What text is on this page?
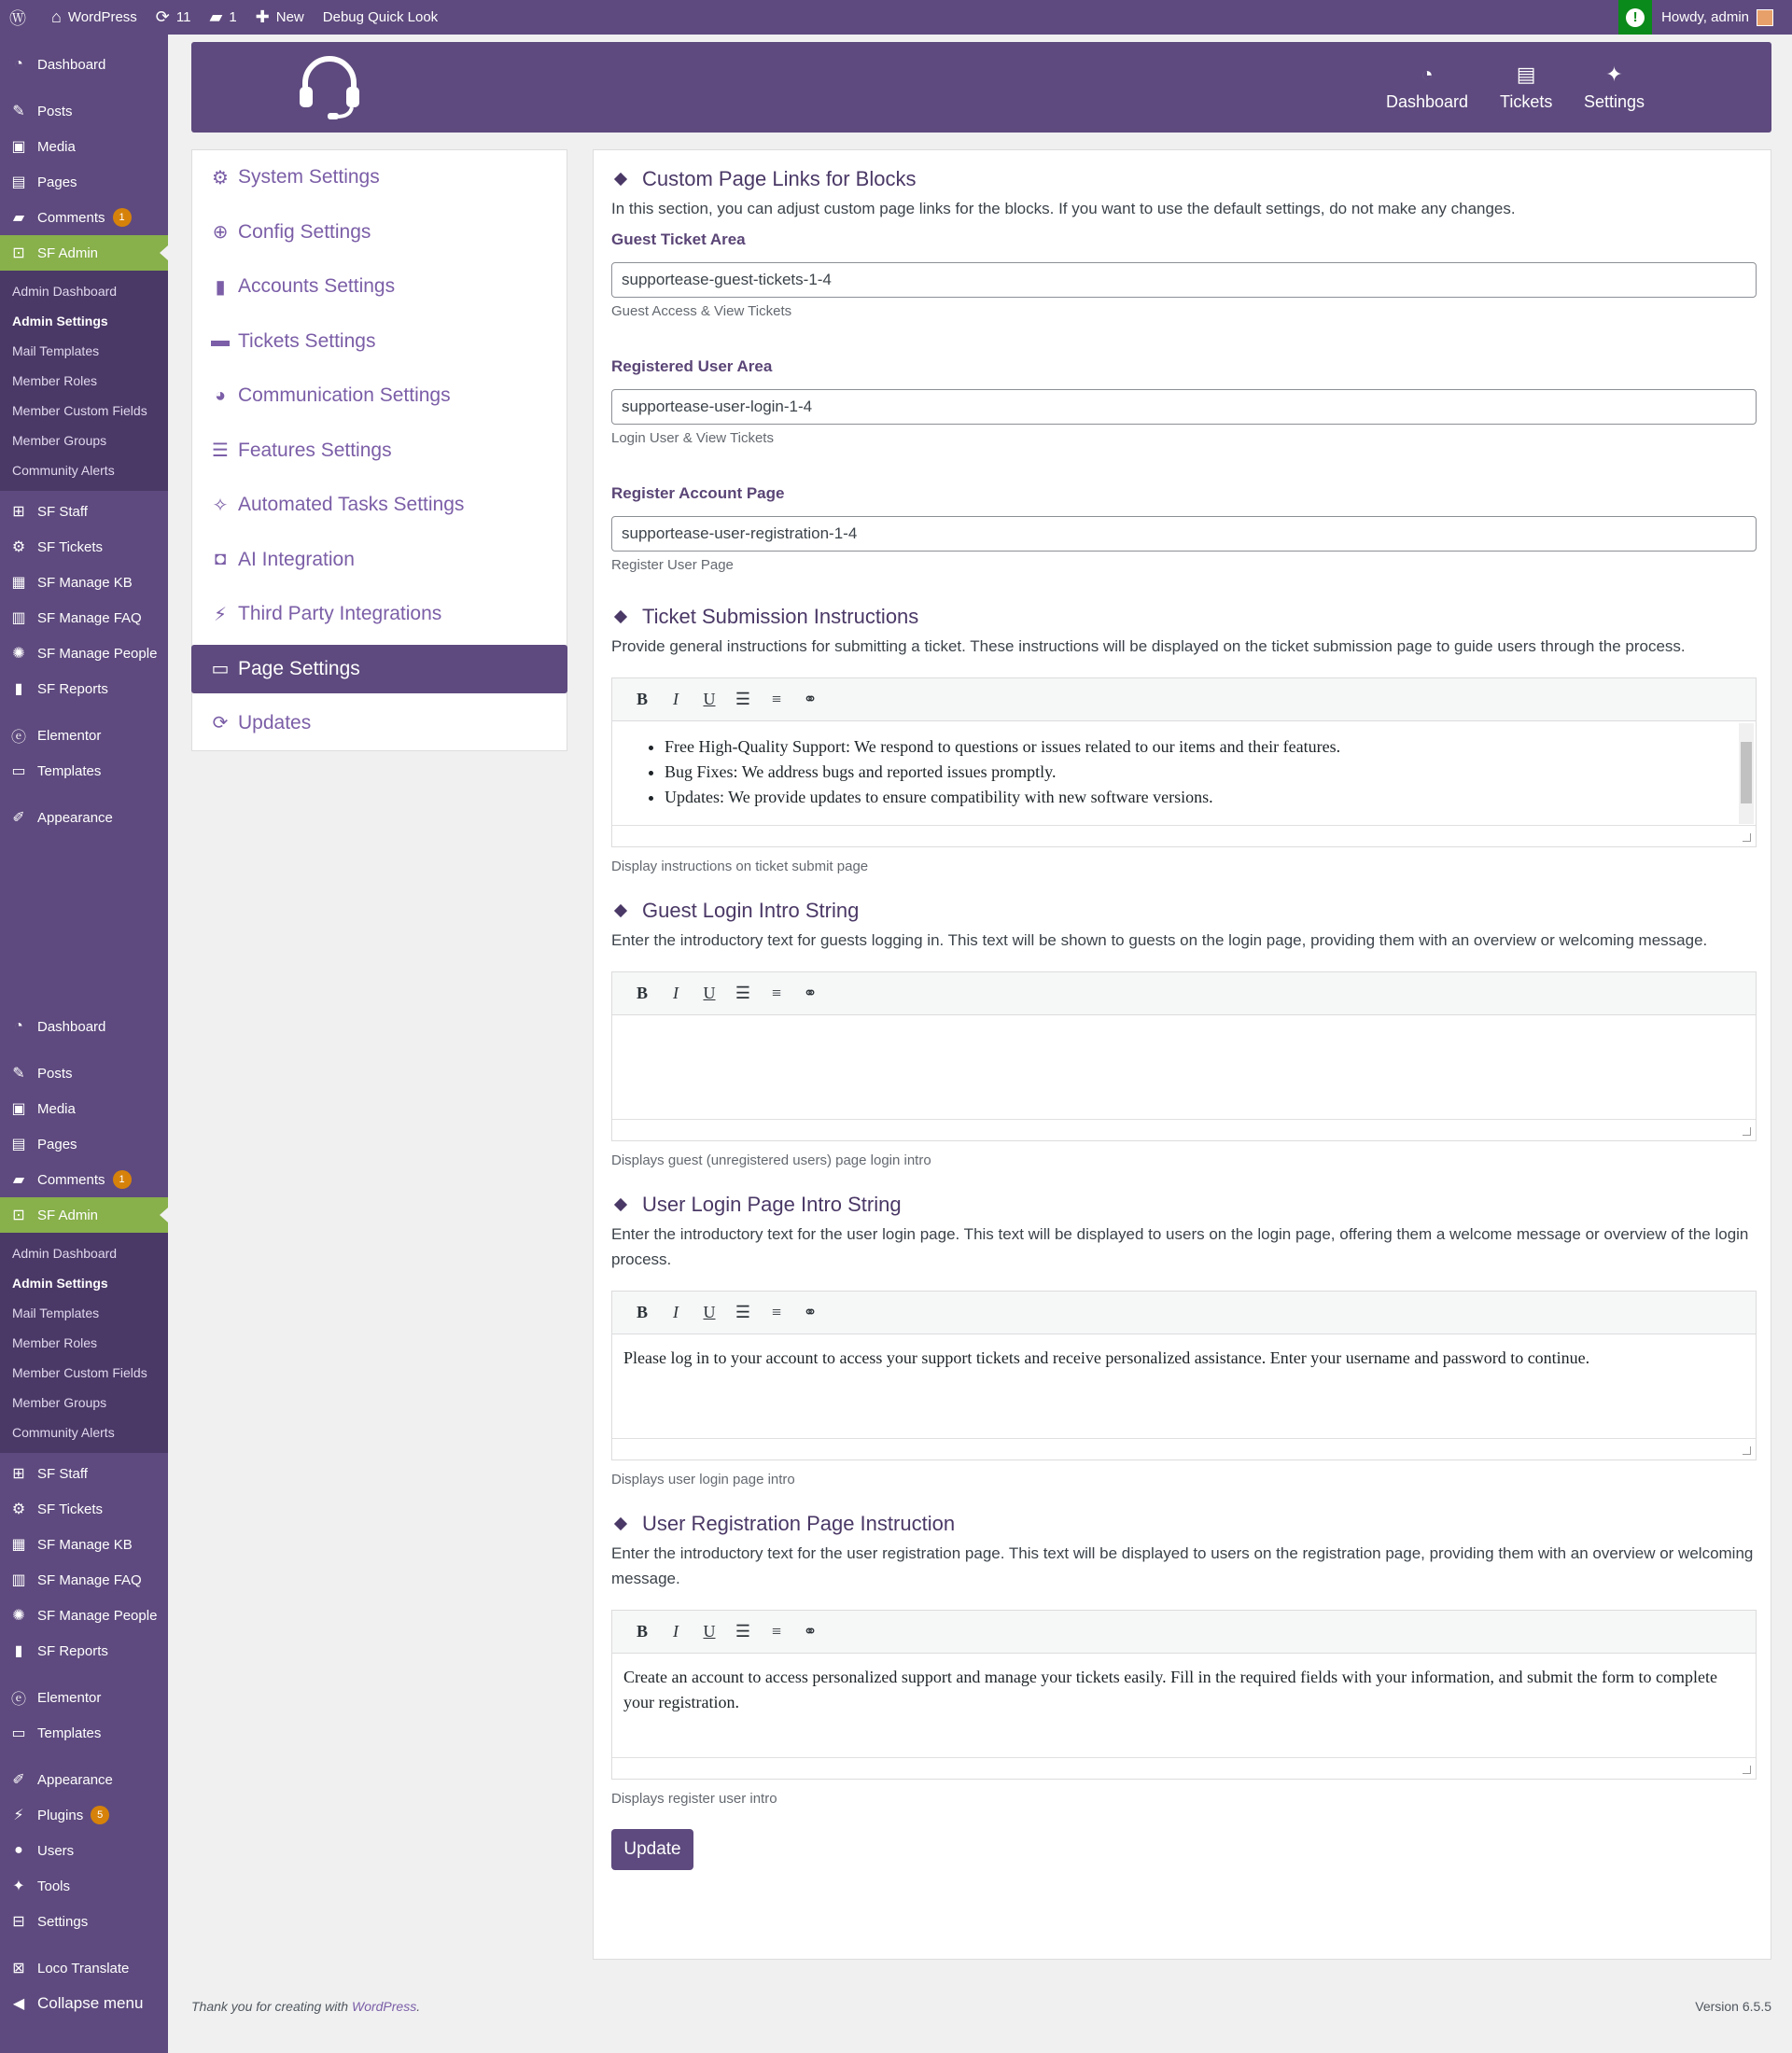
Ⓦ ⌂ WordPress ⟳ 11 ▰ 1 ✚ New Debug Quick Look	!	Howdy, admin
◔	Dashboard
✎ Posts
▣ Media
▤ Pages
▰ Comments	1
⊡ SF Admin
Admin Dashboard
Admin Settings
Mail Templates
Member Roles
Member Custom Fields
Member Groups
Community Alerts
⊞ SF Staff
⚙ SF Tickets
▦ SF Manage KB
▥ SF Manage FAQ
✺ SF Manage People
▮	SF Reports
ⓔ Elementor
▭ Templates
✐ Appearance
◔	Dashboard
✎ Posts
▣ Media
▤ Pages
▰ Comments	1
⊡ SF Admin
Admin Dashboard
Admin Settings
Mail Templates
Member Roles
Member Custom Fields
Member Groups
Community Alerts
⊞ SF Staff
⚙ SF Tickets
▦ SF Manage KB
▥ SF Manage FAQ
✺ SF Manage People
▮	SF Reports
ⓔ Elementor
▭ Templates
✐ Appearance
⚡ Plugins	5
●	Users
✦ Tools
⊟ Settings
⊠ Loco Translate
◀ Collapse menu
◔
Dashboard
▤
Tickets
✦
Settings
⚙ System Settings
⊕ Config Settings
▮ Accounts Settings
▬ Tickets Settings
◕ Communication Settings
☰ Features Settings
✧ Automated Tasks Settings
◘ AI Integration
⚡ Third Party Integrations
▭ Page Settings
⟳ Updates
Custom Page Links for Blocks
In this section, you can adjust custom page links for the blocks. If you want to use the default settings, do not make any changes.
Guest Ticket Area
supportease-guest-tickets-1-4
Guest Access & View Tickets
Registered User Area
supportease-user-login-1-4
Login User & View Tickets
Register Account Page
supportease-user-registration-1-4
Register User Page
Ticket Submission Instructions
Provide general instructions for submitting a ticket. These instructions will be displayed on the ticket submission page to guide users through the process.
B	I	U	☰	≡	⚭
• Free High-Quality Support: We respond to questions or issues related to our items and their features.
• Bug Fixes: We address bugs and reported issues promptly.
• Updates: We provide updates to ensure compatibility with new software versions.
Display instructions on ticket submit page
Guest Login Intro String
Enter the introductory text for guests logging in. This text will be shown to guests on the login page, providing them with an overview or welcoming message.
B	I	U	☰	≡	⚭
Displays guest (unregistered users) page login intro
User Login Page Intro String
Enter the introductory text for the user login page. This text will be displayed to users on the login page, offering them a welcome message or overview of the login process.
B	I	U	☰	≡	⚭
Please log in to your account to access your support tickets and receive personalized assistance. Enter your username and password to continue.
Displays user login page intro
User Registration Page Instruction
Enter the introductory text for the user registration page. This text will be displayed to users on the registration page, providing them with an overview or welcoming message.
B	I	U	☰	≡	⚭
Create an account to access personalized support and manage your tickets easily. Fill in the required fields with your information, and submit the form to complete your registration.
Displays register user intro
Update
Thank you for creating with WordPress.	Version 6.5.5
